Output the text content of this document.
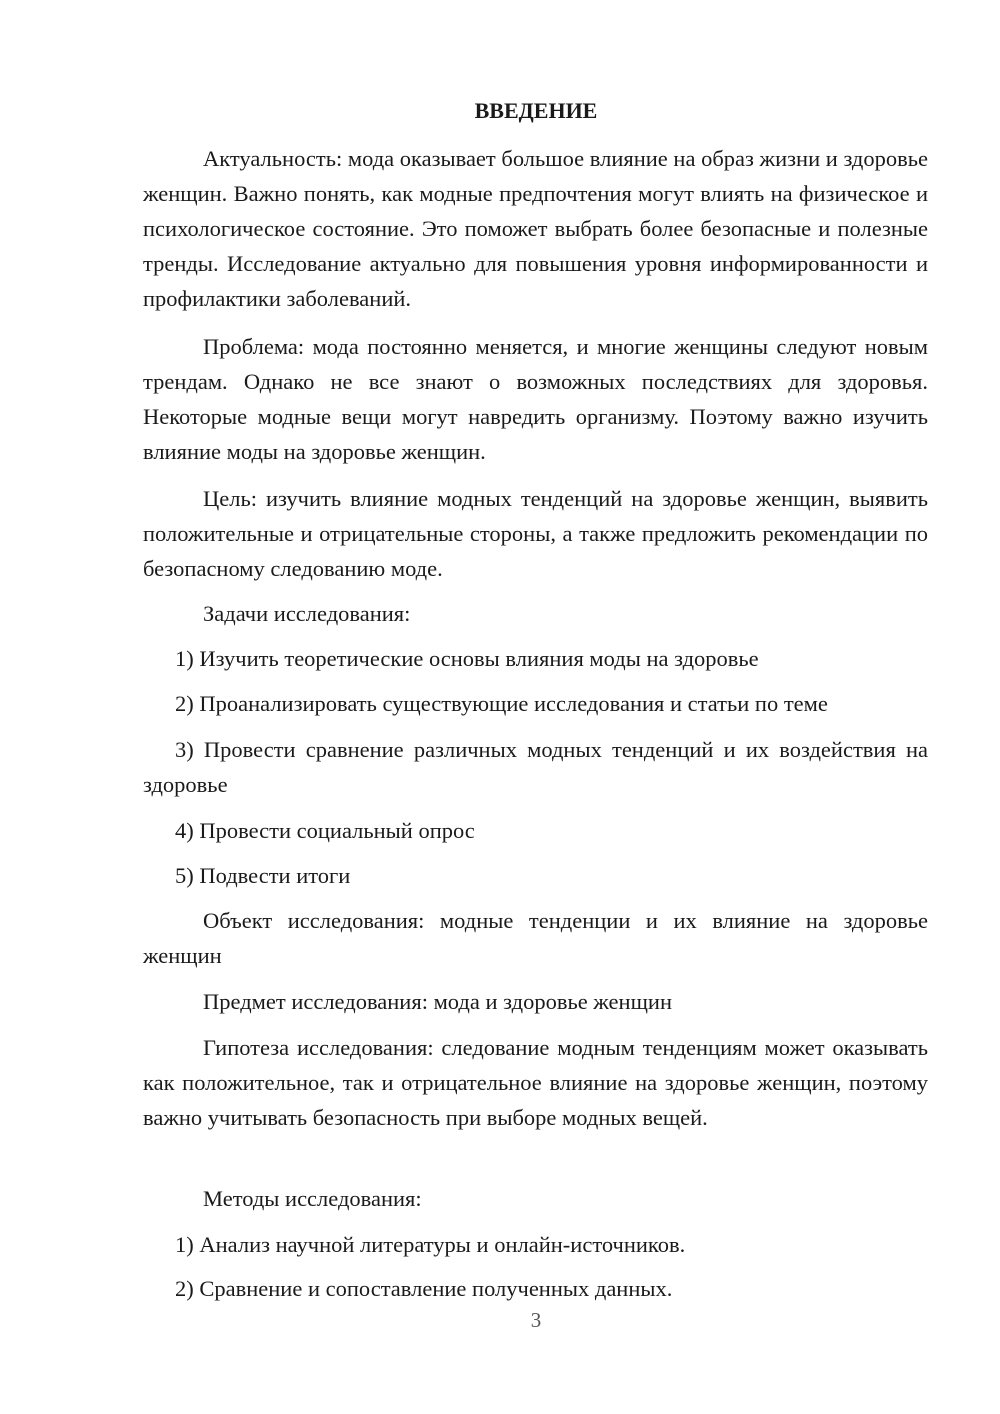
ВВЕДЕНИЕ

Актуальность: мода оказывает большое влияние на образ жизни и здоровье женщин. Важно понять, как модные предпочтения могут влиять на физическое и психологическое состояние. Это поможет выбрать более безопасные и полезные тренды. Исследование актуально для повышения уровня информированности и профилактики заболеваний.

Проблема: мода постоянно меняется, и многие женщины следуют новым трендам. Однако не все знают о возможных последствиях для здоровья. Некоторые модные вещи могут навредить организму. Поэтому важно изучить влияние моды на здоровье женщин.

Цель: изучить влияние модных тенденций на здоровье женщин, выявить положительные и отрицательные стороны, а также предложить рекомендации по безопасному следованию моде.

Задачи исследования:

1) Изучить теоретические основы влияния моды на здоровье

2) Проанализировать существующие исследования и статьи по теме

3) Провести сравнение различных модных тенденций и их воздействия на здоровье

4) Провести социальный опрос

5) Подвести итоги

Объект исследования: модные тенденции и их влияние на здоровье женщин

Предмет исследования: мода и здоровье женщин

Гипотеза исследования: следование модным тенденциям может оказывать как положительное, так и отрицательное влияние на здоровье женщин, поэтому важно учитывать безопасность при выборе модных вещей.

Методы исследования:

1) Анализ научной литературы и онлайн-источников.

2) Сравнение и сопоставление полученных данных.

3
